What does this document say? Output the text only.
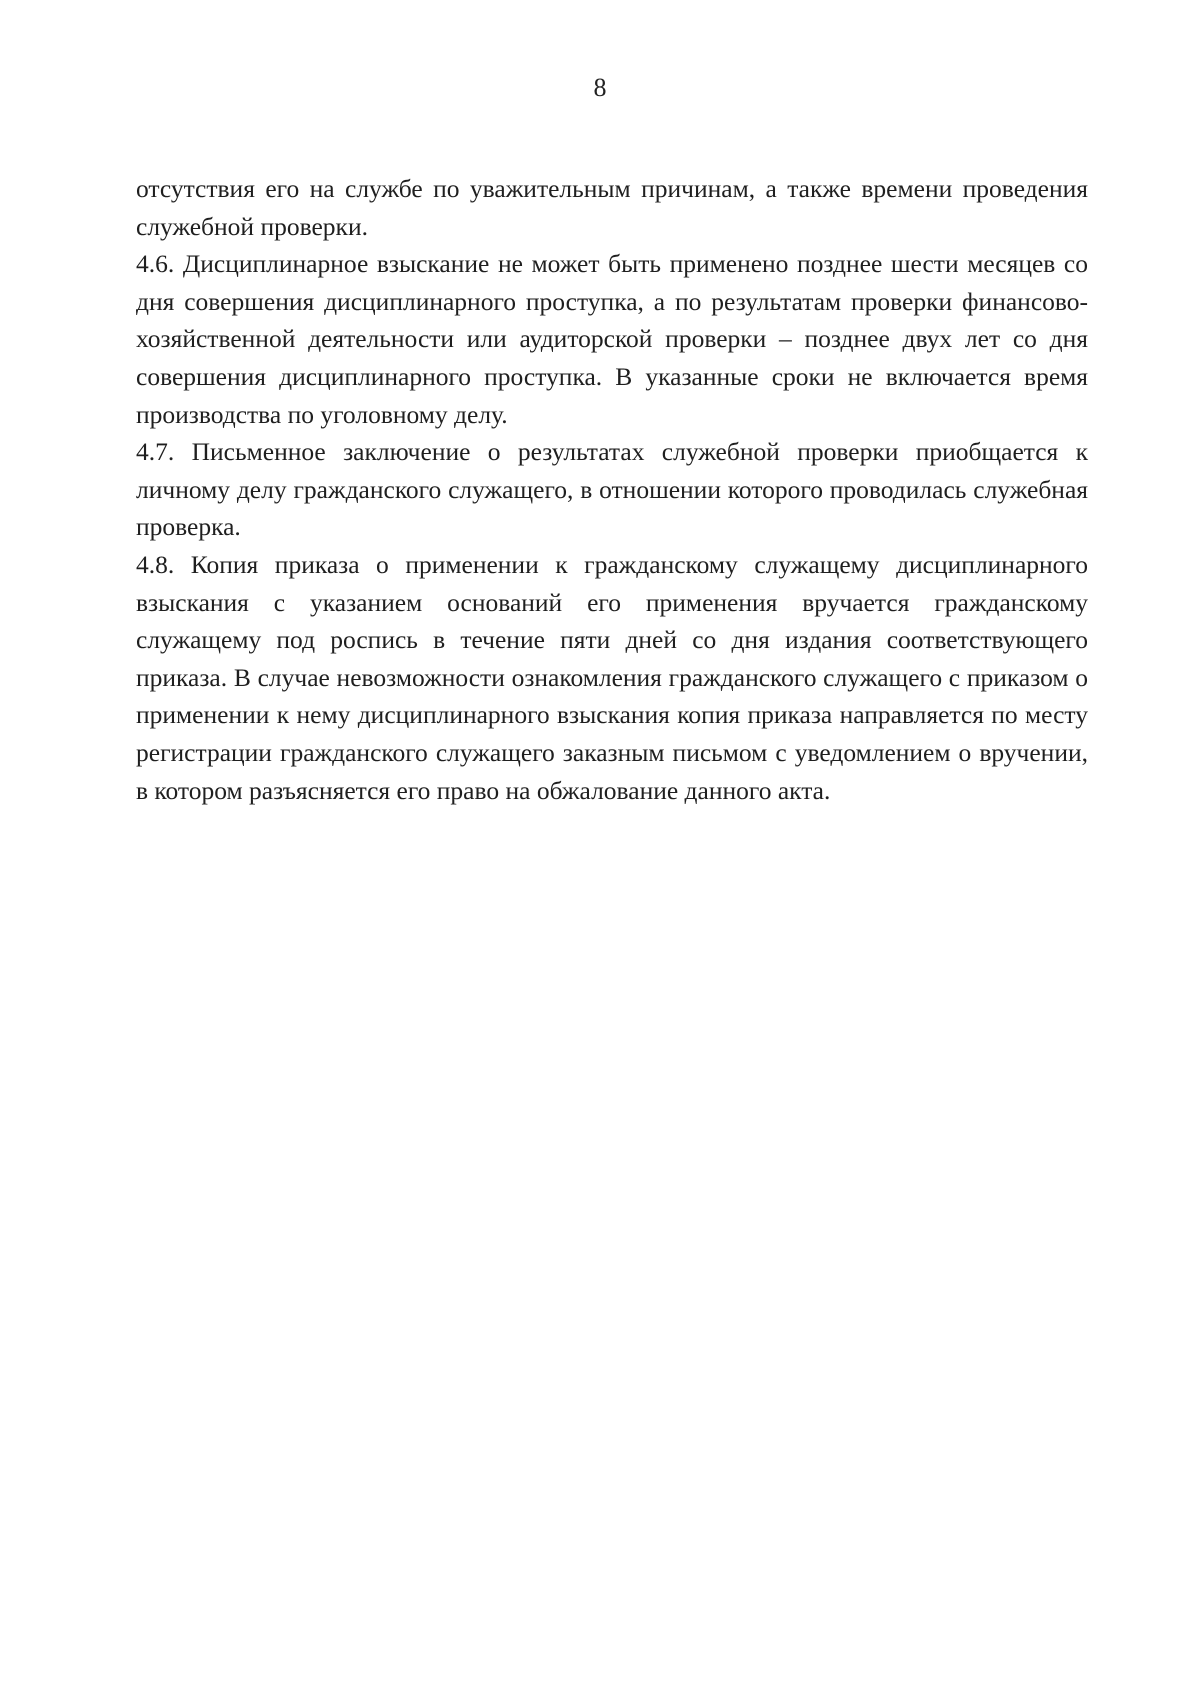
8

отсутствия его на службе по уважительным причинам, а также времени проведения служебной проверки.

4.6. Дисциплинарное взыскание не может быть применено позднее шести месяцев со дня совершения дисциплинарного проступка, а по результатам проверки финансово-хозяйственной деятельности или аудиторской проверки – позднее двух лет со дня совершения дисциплинарного проступка. В указанные сроки не включается время производства по уголовному делу.

4.7. Письменное заключение о результатах служебной проверки приобщается к личному делу гражданского служащего, в отношении которого проводилась служебная проверка.

4.8. Копия приказа о применении к гражданскому служащему дисциплинарного взыскания с указанием оснований его применения вручается гражданскому служащему под роспись в течение пяти дней со дня издания соответствующего приказа. В случае невозможности ознакомления гражданского служащего с приказом о применении к нему дисциплинарного взыскания копия приказа направляется по месту регистрации гражданского служащего заказным письмом с уведомлением о вручении, в котором разъясняется его право на обжалование данного акта.
